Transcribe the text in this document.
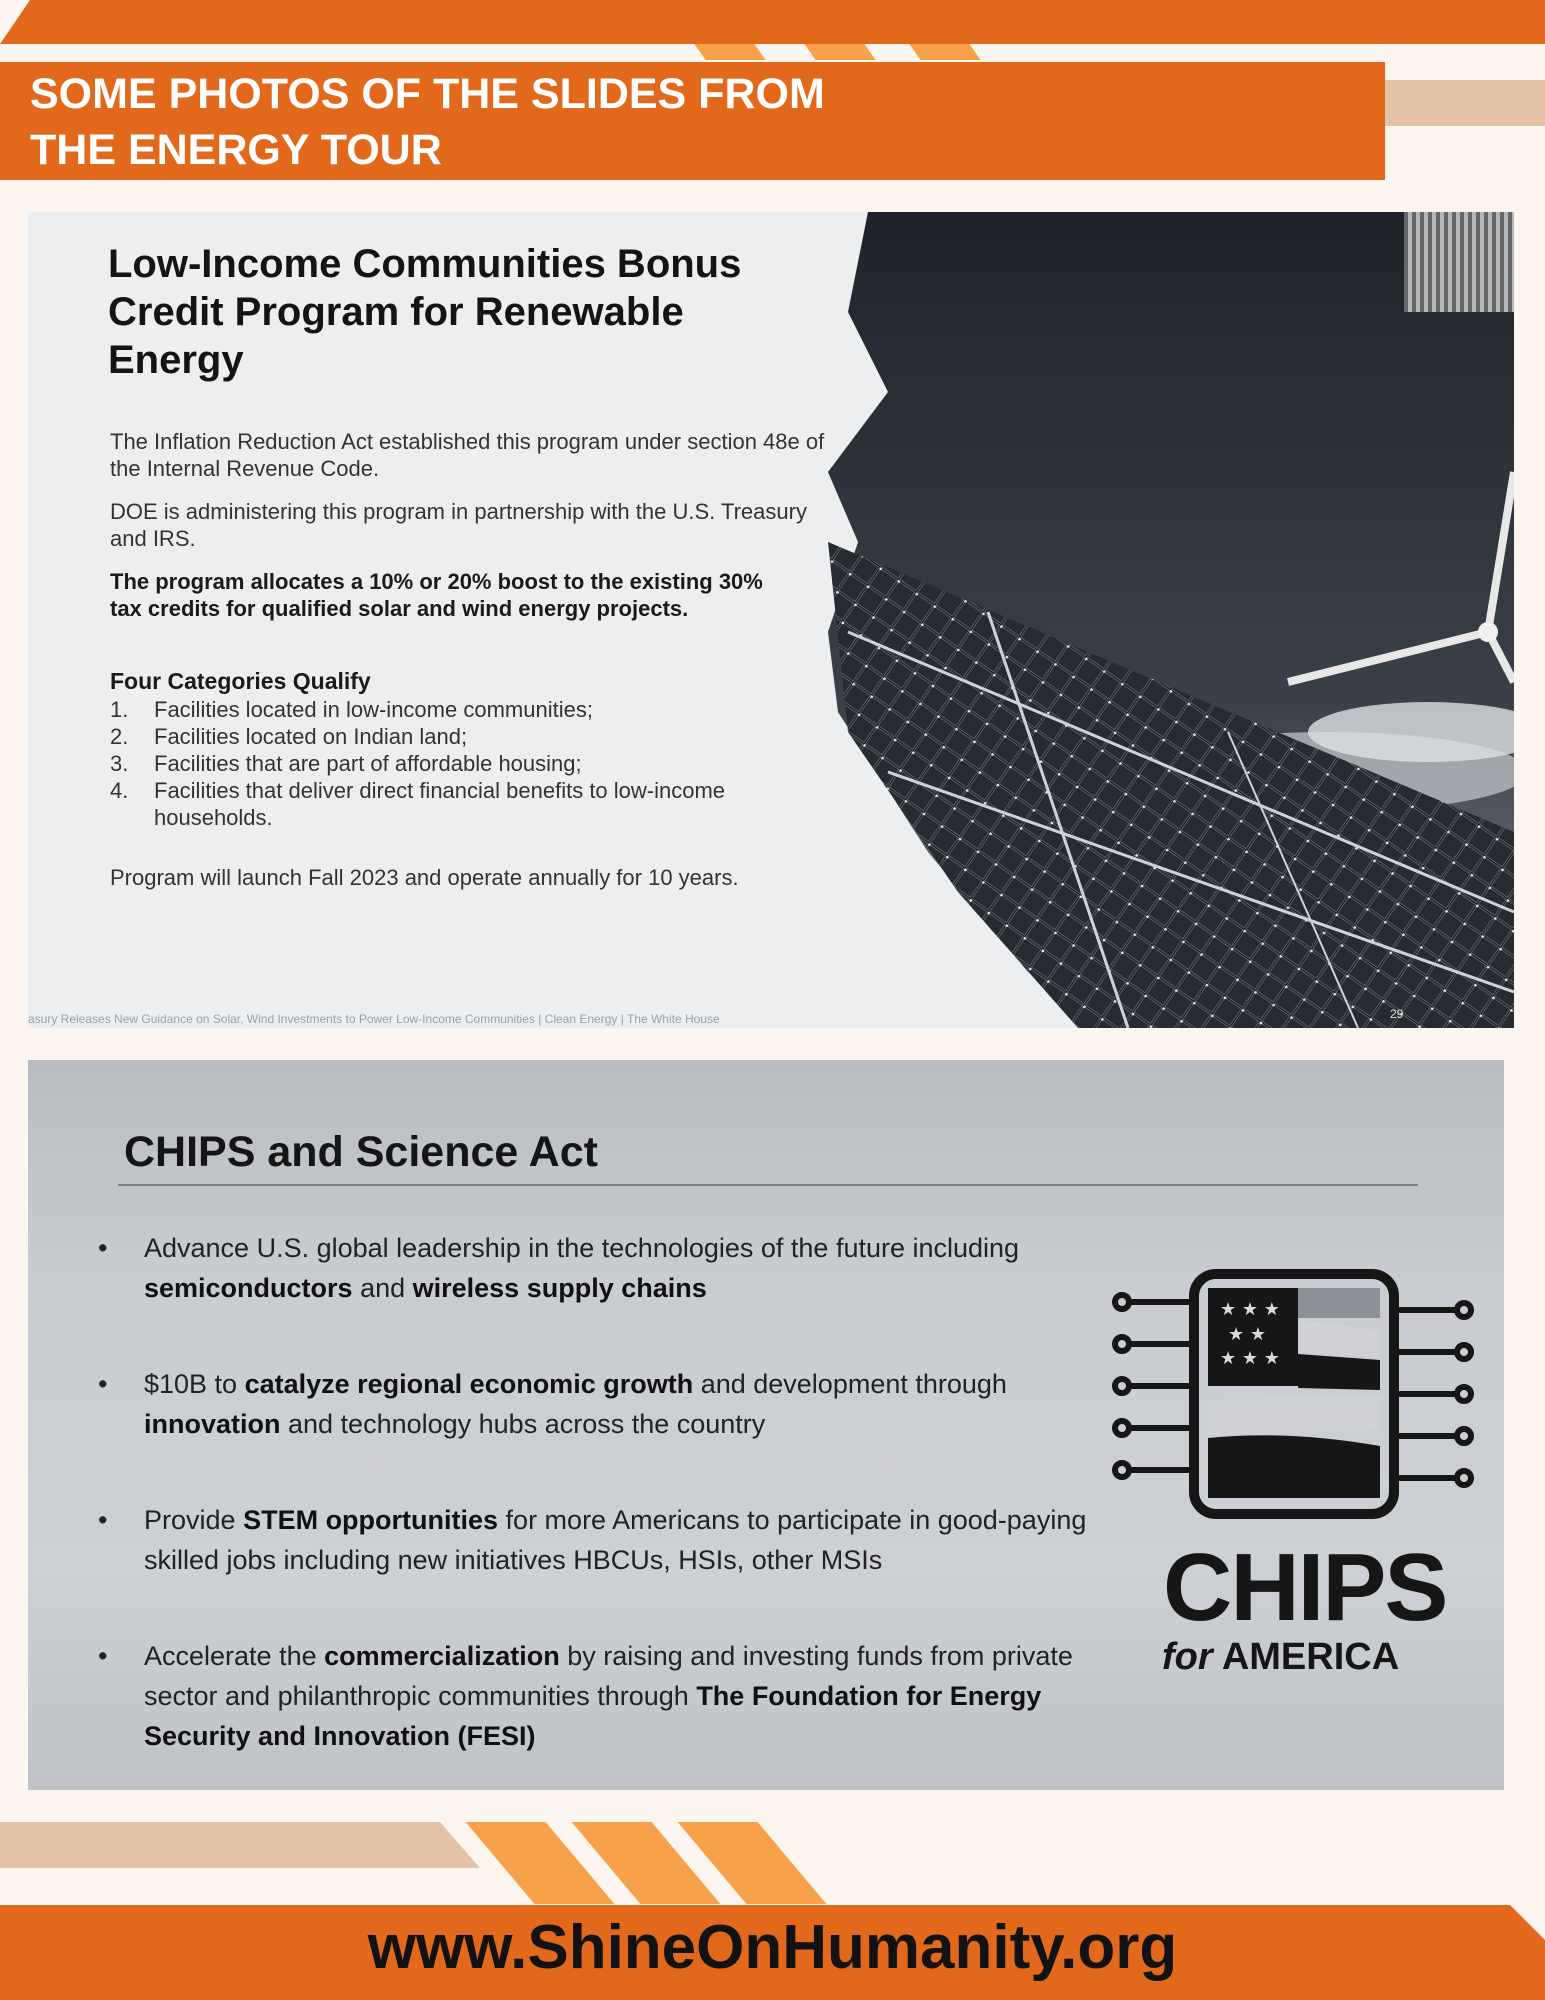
SOME PHOTOS OF THE SLIDES FROM
THE ENERGY TOUR
Low-Income Communities Bonus Credit Program for Renewable Energy
The Inflation Reduction Act established this program under section 48e of the Internal Revenue Code.
DOE is administering this program in partnership with the U.S. Treasury and IRS.
The program allocates a 10% or 20% boost to the existing 30% tax credits for qualified solar and wind energy projects.
Four Categories Qualify
1.	Facilities located in low-income communities;
2.	Facilities located on Indian land;
3.	Facilities that are part of affordable housing;
4.	Facilities that deliver direct financial benefits to low-income households.
Program will launch Fall 2023 and operate annually for 10 years.
asury Releases New Guidance on Solar, Wind Investments to Power Low-Income Communities | Clean Energy | The White House	29
CHIPS and Science Act
•	Advance U.S. global leadership in the technologies of the future including semiconductors and wireless supply chains
•	$10B to catalyze regional economic growth and development through innovation and technology hubs across the country
•	Provide STEM opportunities for more Americans to participate in good-paying skilled jobs including new initiatives HBCUs, HSIs, other MSIs
•	Accelerate the commercialization by raising and investing funds from private sector and philanthropic communities through The Foundation for Energy Security and Innovation (FESI)
★ ★ ★
★ ★
★ ★ ★
CHIPS
for AMERICA
www.ShineOnHumanity.org
